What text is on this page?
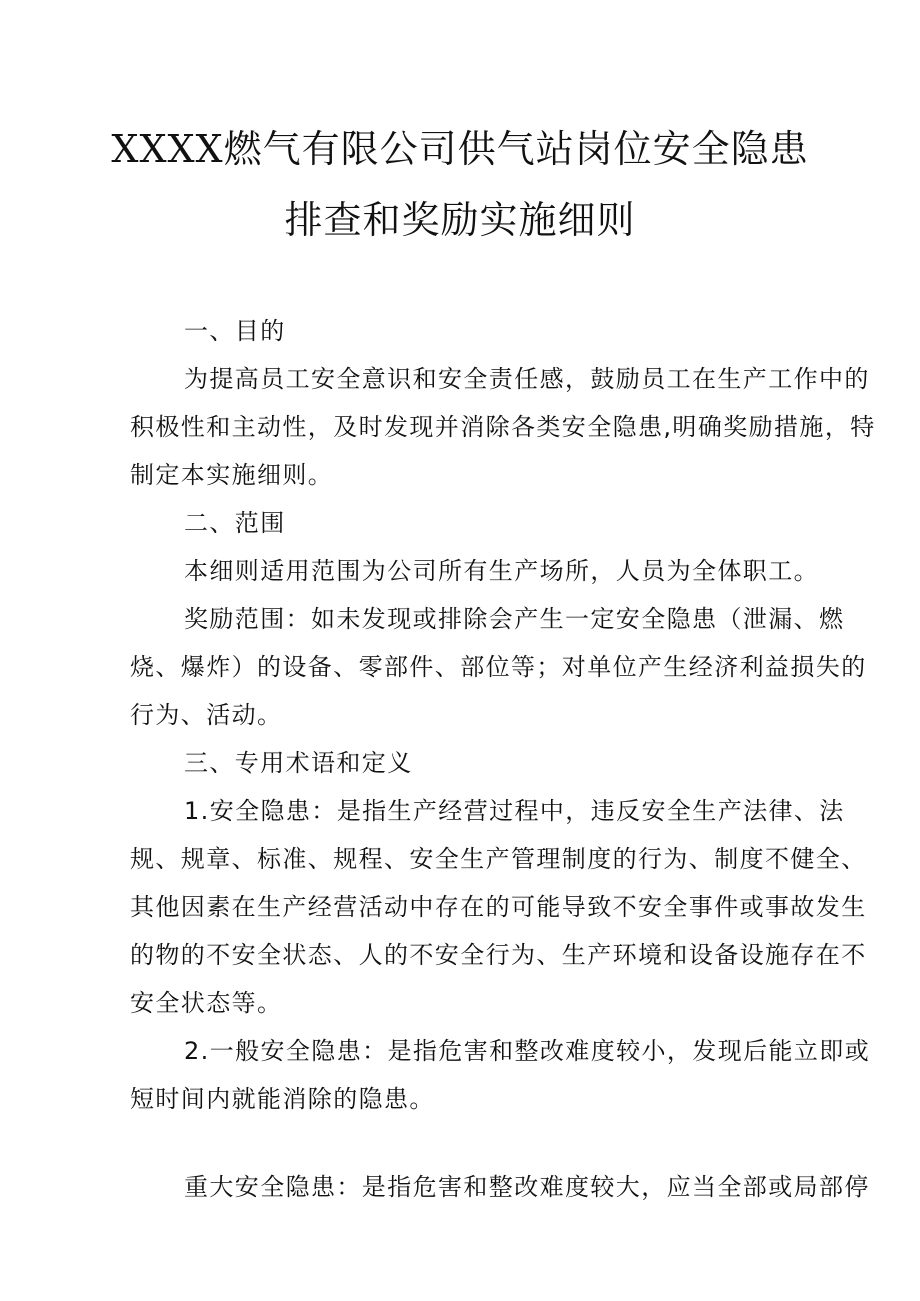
XXXX燃气有限公司供气站岗位安全隐患
排查和奖励实施细则

一、目的

为提高员工安全意识和安全责任感，鼓励员工在生产工作中的

积极性和主动性，及时发现并消除各类安全隐患,明确奖励措施，特

制定本实施细则。

二、范围

本细则适用范围为公司所有生产场所，人员为全体职工。

奖励范围：如未发现或排除会产生一定安全隐患（泄漏、燃

烧、爆炸）的设备、零部件、部位等；对单位产生经济利益损失的

行为、活动。

三、专用术语和定义

1.安全隐患：是指生产经营过程中，违反安全生产法律、法

规、规章、标准、规程、安全生产管理制度的行为、制度不健全、

其他因素在生产经营活动中存在的可能导致不安全事件或事故发生

的物的不安全状态、人的不安全行为、生产环境和设备设施存在不

安全状态等。

2.一般安全隐患：是指危害和整改难度较小，发现后能立即或

短时间内就能消除的隐患。

重大安全隐患：是指危害和整改难度较大，应当全部或局部停
